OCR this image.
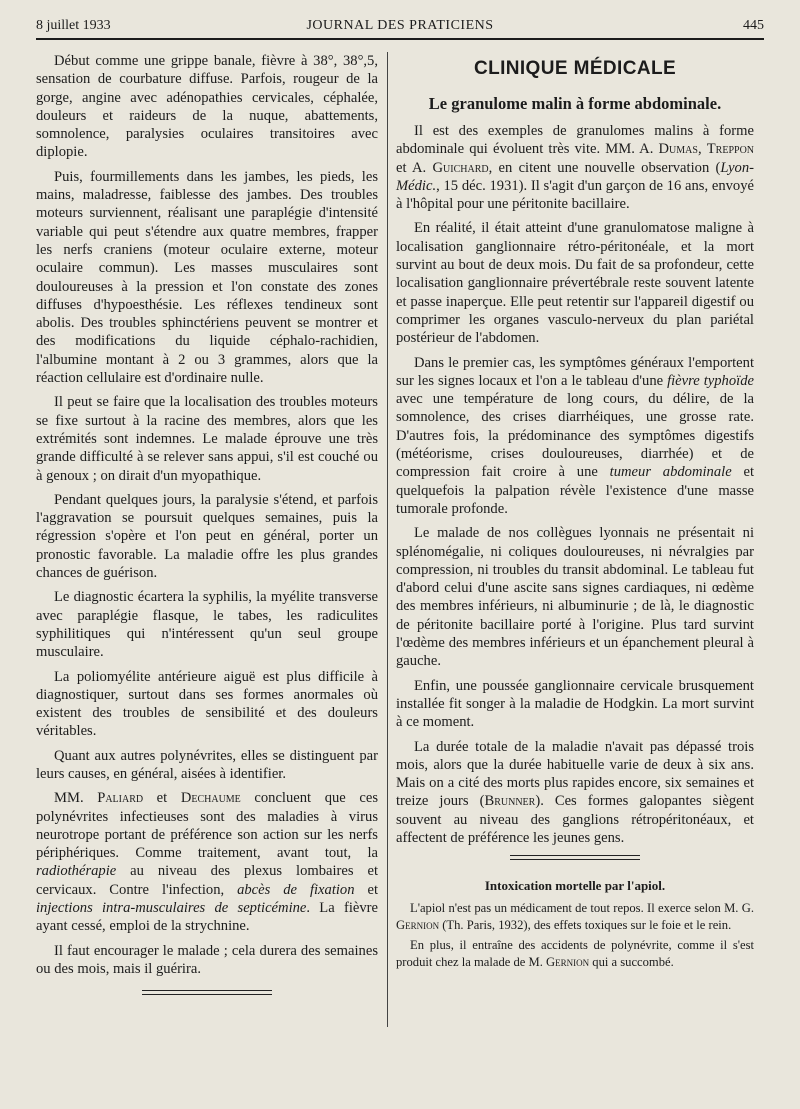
8 juillet 1933	JOURNAL DES PRATICIENS	445

Début comme une grippe banale, fièvre à 38°, 38°,5, sensation de courbature diffuse. Parfois, rougeur de la gorge, angine avec adénopathies cervicales, céphalée, douleurs et raideurs de la nuque, abattements, somnolence, paralysies oculaires transitoires avec diplopie.

Puis, fourmillements dans les jambes, les pieds, les mains, maladresse, faiblesse des jambes. Des troubles moteurs surviennent, réalisant une paraplégie d'intensité variable qui peut s'étendre aux quatre membres, frapper les nerfs craniens (moteur oculaire externe, moteur oculaire commun). Les masses musculaires sont douloureuses à la pression et l'on constate des zones diffuses d'hypoesthésie. Les réflexes tendineux sont abolis. Des troubles sphinctériens peuvent se montrer et des modifications du liquide céphalo-rachidien, l'albumine montant à 2 ou 3 grammes, alors que la réaction cellulaire est d'ordinaire nulle.

Il peut se faire que la localisation des troubles moteurs se fixe surtout à la racine des membres, alors que les extrémités sont indemnes. Le malade éprouve une très grande difficulté à se relever sans appui, s'il est couché ou à genoux ; on dirait d'un myopathique.

Pendant quelques jours, la paralysie s'étend, et parfois l'aggravation se poursuit quelques semaines, puis la régression s'opère et l'on peut en général, porter un pronostic favorable. La maladie offre les plus grandes chances de guérison.

Le diagnostic écartera la syphilis, la myélite transverse avec paraplégie flasque, le tabes, les radiculites syphilitiques qui n'intéressent qu'un seul groupe musculaire.

La poliomyélite antérieure aiguë est plus difficile à diagnostiquer, surtout dans ses formes anormales où existent des troubles de sensibilité et des douleurs véritables.

Quant aux autres polynévrites, elles se distinguent par leurs causes, en général, aisées à identifier.

MM. Paliard et Dechaume concluent que ces polynévrites infectieuses sont des maladies à virus neurotrope portant de préférence son action sur les nerfs périphériques. Comme traitement, avant tout, la radiothérapie au niveau des plexus lombaires et cervicaux. Contre l'infection, abcès de fixation et injections intra-musculaires de septicémine. La fièvre ayant cessé, emploi de la strychnine.

Il faut encourager le malade ; cela durera des semaines ou des mois, mais il guérira.

CLINIQUE MÉDICALE
Le granulome malin à forme abdominale.

Il est des exemples de granulomes malins à forme abdominale qui évoluent très vite. MM. A. Dumas, Treppon et A. Guichard, en citent une nouvelle observation (Lyon-Médic., 15 déc. 1931). Il s'agit d'un garçon de 16 ans, envoyé à l'hôpital pour une péritonite bacillaire.

En réalité, il était atteint d'une granulomatose maligne à localisation ganglionnaire rétro-péritonéale, et la mort survint au bout de deux mois. Du fait de sa profondeur, cette localisation ganglionnaire prévertébrale reste souvent latente et passe inaperçue. Elle peut retentir sur l'appareil digestif ou comprimer les organes vasculo-nerveux du plan pariétal postérieur de l'abdomen.

Dans le premier cas, les symptômes généraux l'emportent sur les signes locaux et l'on a le tableau d'une fièvre typhoïde avec une température de long cours, du délire, de la somnolence, des crises diarrhéiques, une grosse rate. D'autres fois, la prédominance des symptômes digestifs (météorisme, crises douloureuses, diarrhée) et de compression fait croire à une tumeur abdominale et quelquefois la palpation révèle l'existence d'une masse tumorale profonde.

Le malade de nos collègues lyonnais ne présentait ni splénomégalie, ni coliques douloureuses, ni névralgies par compression, ni troubles du transit abdominal. Le tableau fut d'abord celui d'une ascite sans signes cardiaques, ni œdème des membres inférieurs, ni albuminurie ; de là, le diagnostic de péritonite bacillaire porté à l'origine. Plus tard survint l'œdème des membres inférieurs et un épanchement pleural à gauche.

Enfin, une poussée ganglionnaire cervicale brusquement installée fit songer à la maladie de Hodgkin. La mort survint à ce moment.

La durée totale de la maladie n'avait pas dépassé trois mois, alors que la durée habituelle varie de deux à six ans. Mais on a cité des morts plus rapides encore, six semaines et treize jours (Brunner). Ces formes galopantes siègent souvent au niveau des ganglions rétropéritonéaux, et affectent de préférence les jeunes gens.

Intoxication mortelle par l'apiol.

L'apiol n'est pas un médicament de tout repos. Il exerce selon M. G. Gernion (Th. Paris, 1932), des effets toxiques sur le foie et le rein.

En plus, il entraîne des accidents de polynévrite, comme il s'est produit chez la malade de M. Gernion qui a succombé.
